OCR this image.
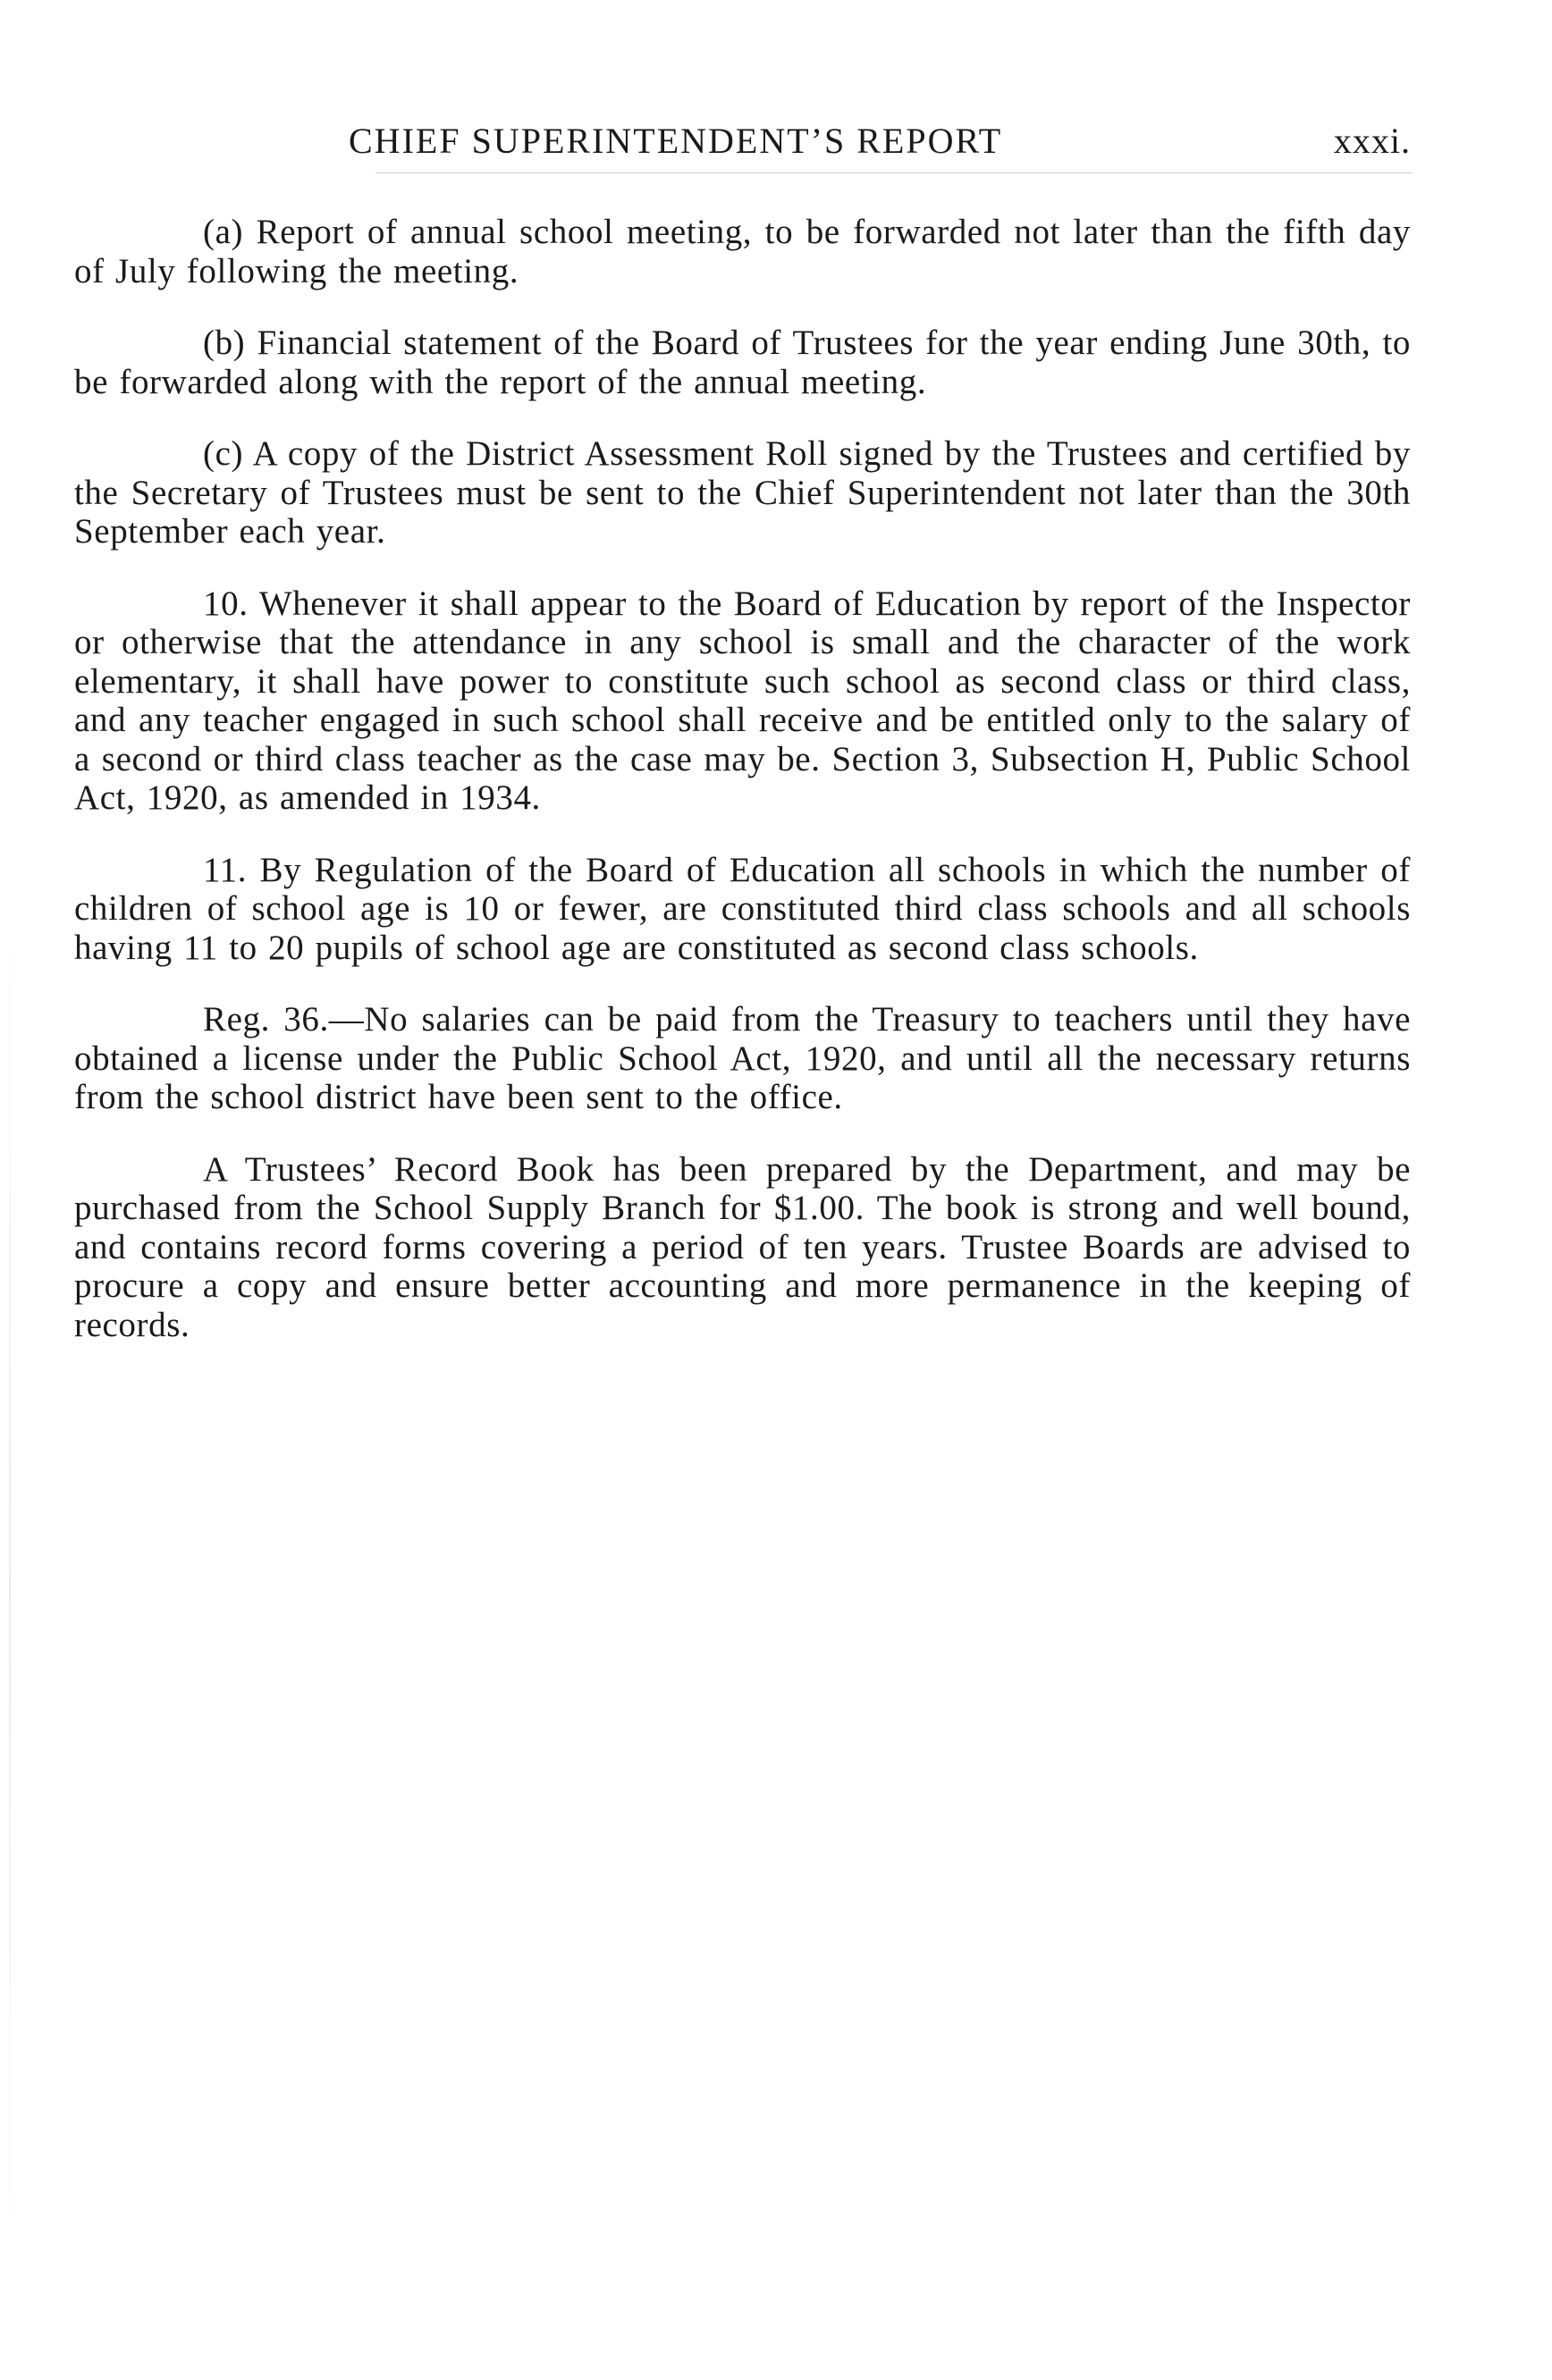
CHIEF SUPERINTENDENT’S REPORT	xxxi.

(a) Report of annual school meeting, to be forwarded not later than the fifth day of July following the meeting.

(b) Financial statement of the Board of Trustees for the year ending June 30th, to be forwarded along with the report of the annual meeting.

(c) A copy of the District Assessment Roll signed by the Trustees and certified by the Secretary of Trustees must be sent to the Chief Superintendent not later than the 30th September each year.

10. Whenever it shall appear to the Board of Education by report of the Inspector or otherwise that the attendance in any school is small and the character of the work elementary, it shall have power to constitute such school as second class or third class, and any teacher engaged in such school shall receive and be entitled only to the salary of a second or third class teacher as the case may be. Section 3, Subsection H, Public School Act, 1920, as amended in 1934.

11. By Regulation of the Board of Education all schools in which the number of children of school age is 10 or fewer, are constituted third class schools and all schools having 11 to 20 pupils of school age are constituted as second class schools.

Reg. 36.—No salaries can be paid from the Treasury to teachers until they have obtained a license under the Public School Act, 1920, and until all the necessary returns from the school district have been sent to the office.

A Trustees’ Record Book has been prepared by the Department, and may be purchased from the School Supply Branch for $1.00. The book is strong and well bound, and contains record forms covering a period of ten years. Trustee Boards are advised to procure a copy and ensure better accounting and more permanence in the keeping of records.
